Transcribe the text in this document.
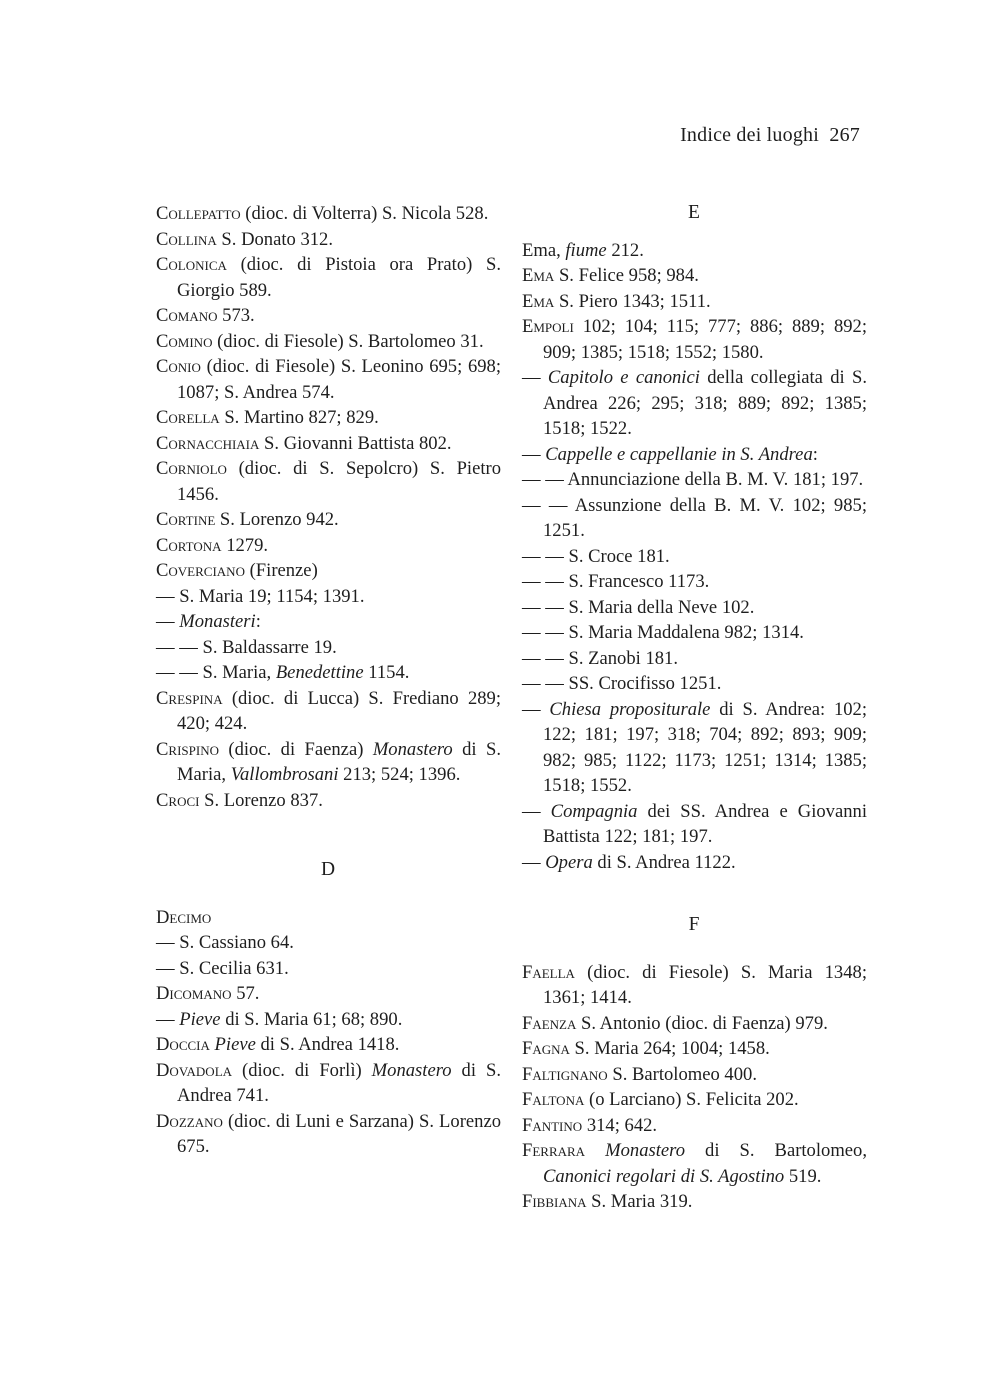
Indice dei luoghi 267
Collepatto (dioc. di Volterra) S. Nicola 528.
Collina S. Donato 312.
Colonica (dioc. di Pistoia ora Prato) S. Giorgio 589.
Comano 573.
Comino (dioc. di Fiesole) S. Bartolomeo 31.
Conio (dioc. di Fiesole) S. Leonino 695; 698; 1087; S. Andrea 574.
Corella S. Martino 827; 829.
Cornacchiaia S. Giovanni Battista 802.
Corniolo (dioc. di S. Sepolcro) S. Pietro 1456.
Cortine S. Lorenzo 942.
Cortona 1279.
Coverciano (Firenze)
— S. Maria 19; 1154; 1391.
— Monasteri:
— — S. Baldassarre 19.
— — S. Maria, Benedettine 1154.
Crespina (dioc. di Lucca) S. Frediano 289; 420; 424.
Crispino (dioc. di Faenza) Monastero di S. Maria, Vallombrosani 213; 524; 1396.
Croci S. Lorenzo 837.
D
Decimo
— S. Cassiano 64.
— S. Cecilia 631.
Dicomano 57.
— Pieve di S. Maria 61; 68; 890.
Doccia Pieve di S. Andrea 1418.
Dovadola (dioc. di Forlì) Monastero di S. Andrea 741.
Dozzano (dioc. di Luni e Sarzana) S. Lorenzo 675.
E
Ema, fiume 212.
Ema S. Felice 958; 984.
Ema S. Piero 1343; 1511.
Empoli 102; 104; 115; 777; 886; 889; 892; 909; 1385; 1518; 1552; 1580.
— Capitolo e canonici della collegiata di S. Andrea 226; 295; 318; 889; 892; 1385; 1518; 1522.
— Cappelle e cappellanie in S. Andrea:
— — Annunciazione della B. M. V. 181; 197.
— — Assunzione della B. M. V. 102; 985; 1251.
— — S. Croce 181.
— — S. Francesco 1173.
— — S. Maria della Neve 102.
— — S. Maria Maddalena 982; 1314.
— — S. Zanobi 181.
— — SS. Crocifisso 1251.
— Chiesa propositurale di S. Andrea: 102; 122; 181; 197; 318; 704; 892; 893; 909; 982; 985; 1122; 1173; 1251; 1314; 1385; 1518; 1552.
— Compagnia dei SS. Andrea e Giovanni Battista 122; 181; 197.
— Opera di S. Andrea 1122.
F
Faella (dioc. di Fiesole) S. Maria 1348; 1361; 1414.
Faenza S. Antonio (dioc. di Faenza) 979.
Fagna S. Maria 264; 1004; 1458.
Faltignano S. Bartolomeo 400.
Faltona (o Larciano) S. Felicita 202.
Fantino 314; 642.
Ferrara Monastero di S. Bartolomeo, Canonici regolari di S. Agostino 519.
Fibbiana S. Maria 319.
